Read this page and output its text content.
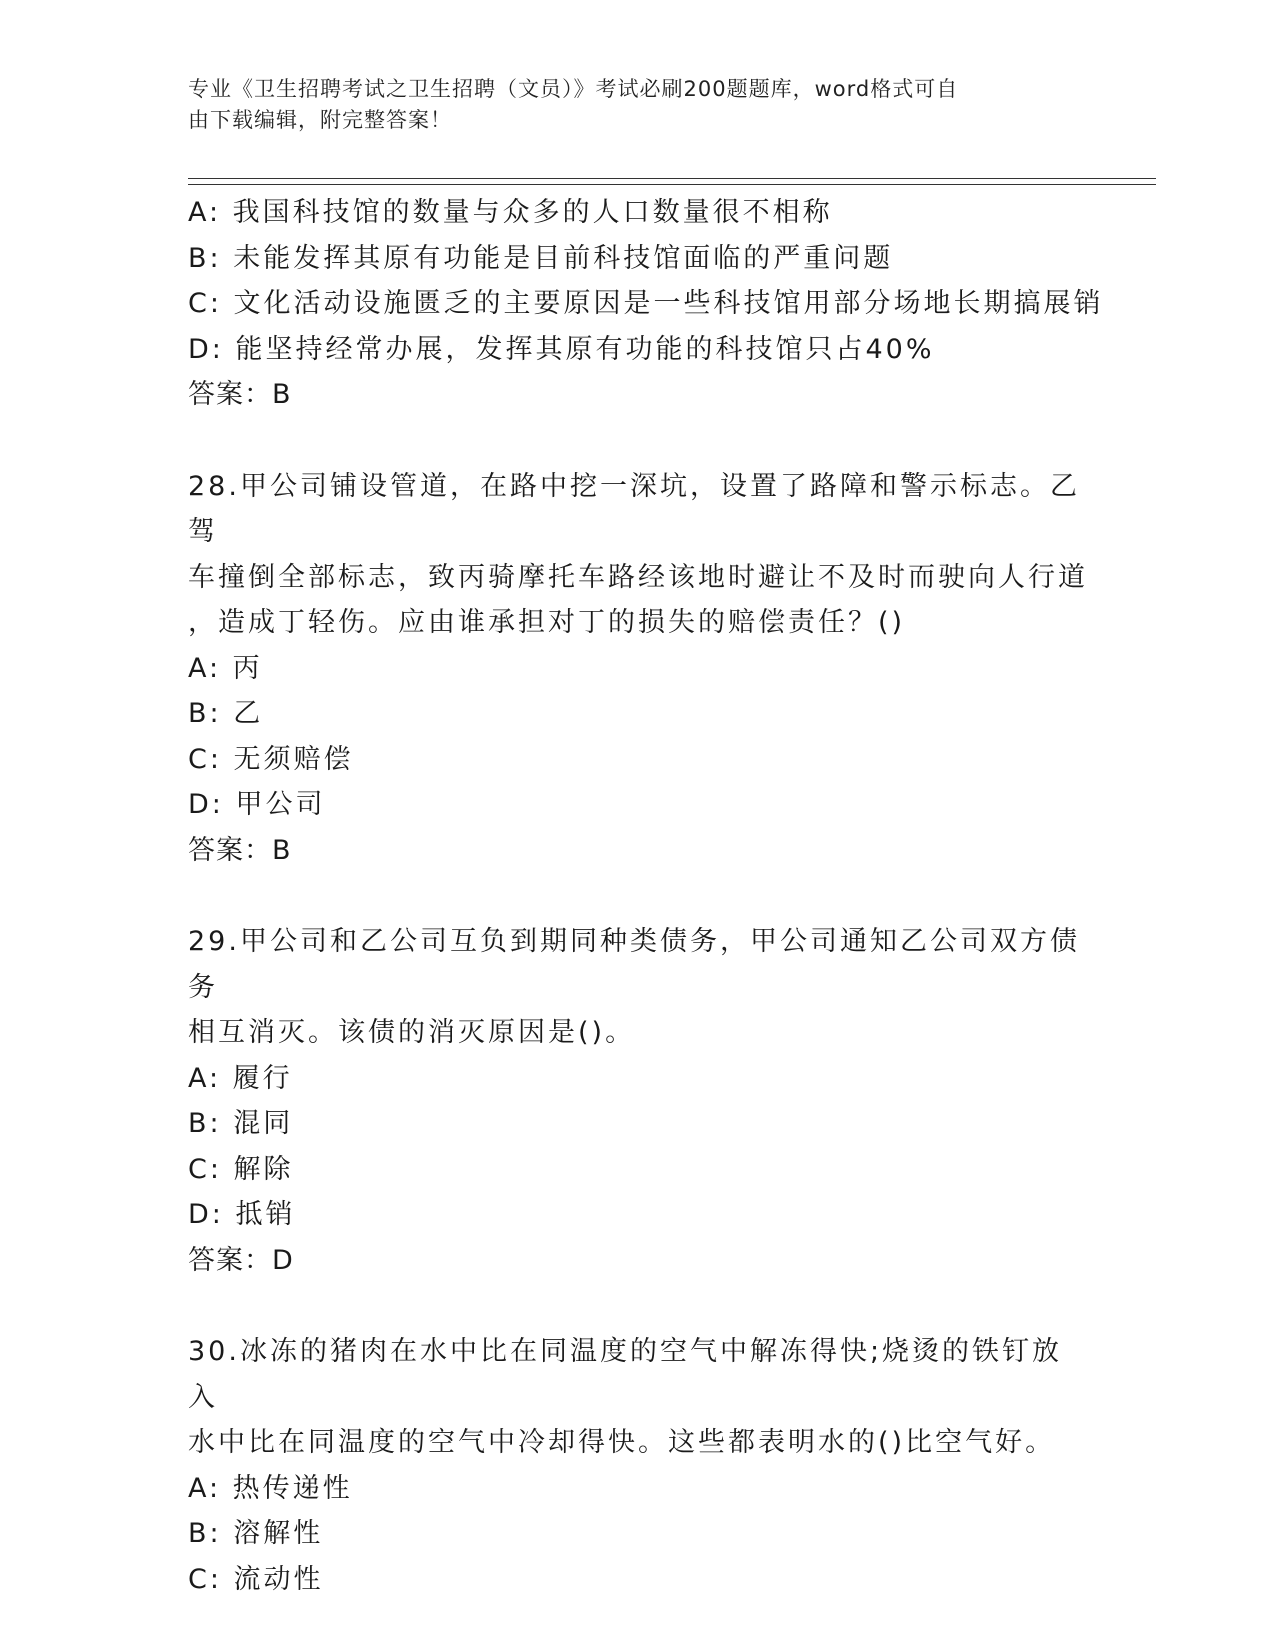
专业《卫生招聘考试之卫生招聘（文员）》考试必刷200题题库，word格式可自
由下载编辑，附完整答案！
A: 我国科技馆的数量与众多的人口数量很不相称
B: 未能发挥其原有功能是目前科技馆面临的严重问题
C: 文化活动设施匮乏的主要原因是一些科技馆用部分场地长期搞展销
D: 能坚持经常办展，发挥其原有功能的科技馆只占40%
答案：B
28.甲公司铺设管道，在路中挖一深坑，设置了路障和警示标志。乙驾
车撞倒全部标志，致丙骑摩托车路经该地时避让不及时而驶向人行道
，造成丁轻伤。应由谁承担对丁的损失的赔偿责任？()
A: 丙
B: 乙
C: 无须赔偿
D: 甲公司
答案：B
29.甲公司和乙公司互负到期同种类债务，甲公司通知乙公司双方债务
相互消灭。该债的消灭原因是()。
A: 履行
B: 混同
C: 解除
D: 抵销
答案：D
30.冰冻的猪肉在水中比在同温度的空气中解冻得快;烧烫的铁钉放入
水中比在同温度的空气中冷却得快。这些都表明水的()比空气好。
A: 热传递性
B: 溶解性
C: 流动性
